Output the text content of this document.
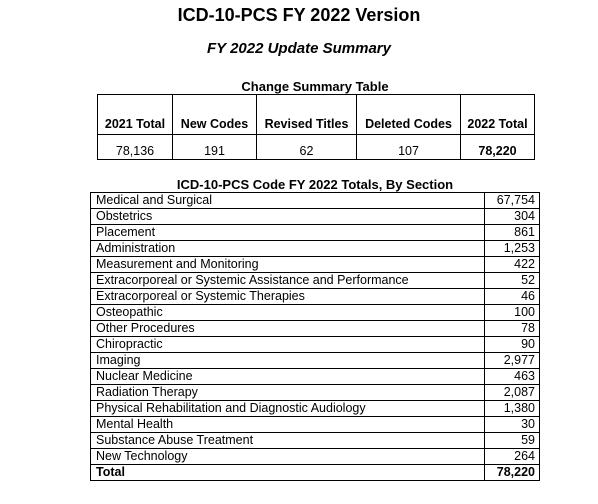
ICD-10-PCS FY 2022 Version
FY 2022 Update Summary
Change Summary Table
2021 Total	New Codes	Revised Titles	Deleted Codes	2022 Total
78,136	191	62	107	78,220
ICD-10-PCS Code FY 2022 Totals, By Section
Medical and Surgical	67,754
Obstetrics	304
Placement	861
Administration	1,253
Measurement and Monitoring	422
Extracorporeal or Systemic Assistance and Performance	52
Extracorporeal or Systemic Therapies	46
Osteopathic	100
Other Procedures	78
Chiropractic	90
Imaging	2,977
Nuclear Medicine	463
Radiation Therapy	2,087
Physical Rehabilitation and Diagnostic Audiology	1,380
Mental Health	30
Substance Abuse Treatment	59
New Technology	264
Total	78,220
